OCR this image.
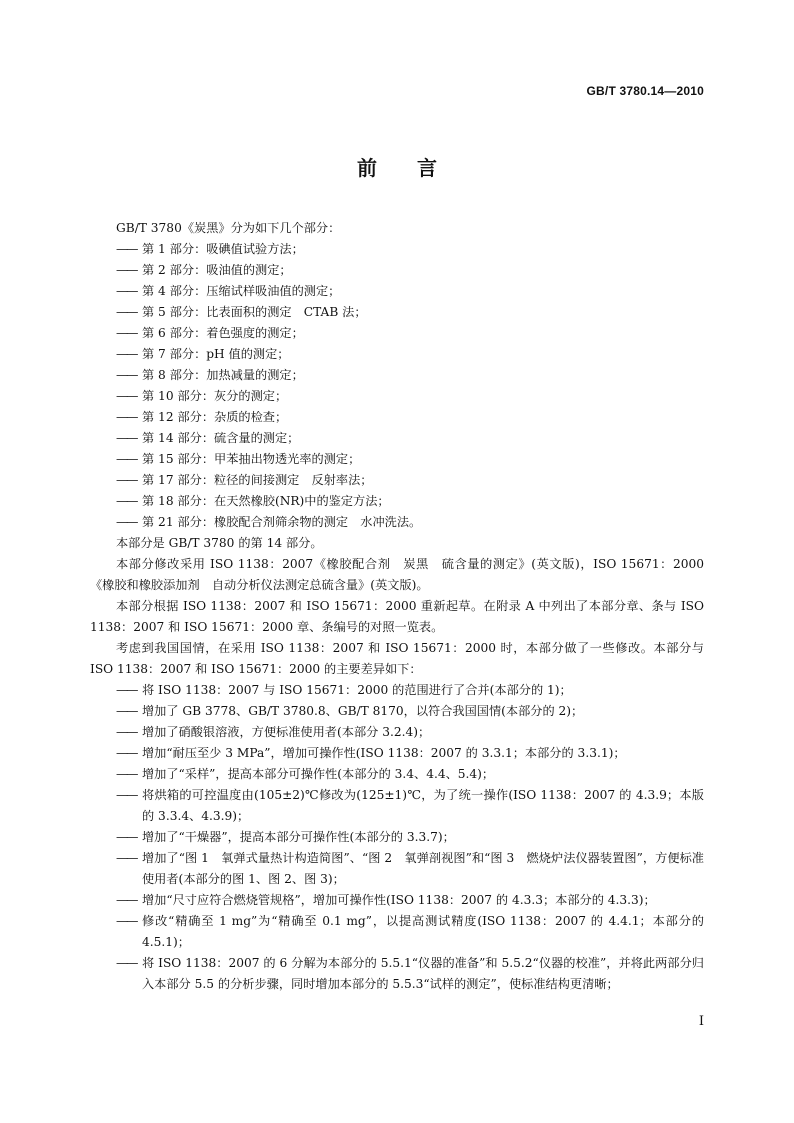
GB/T 3780.14—2010
前言
GB/T 3780《炭黑》分为如下几个部分：
—— 第 1 部分：吸碘值试验方法；
—— 第 2 部分：吸油值的测定；
—— 第 4 部分：压缩试样吸油值的测定；
—— 第 5 部分：比表面积的测定　CTAB 法；
—— 第 6 部分：着色强度的测定；
—— 第 7 部分：pH 值的测定；
—— 第 8 部分：加热减量的测定；
—— 第 10 部分：灰分的测定；
—— 第 12 部分：杂质的检查；
—— 第 14 部分：硫含量的测定；
—— 第 15 部分：甲苯抽出物透光率的测定；
—— 第 17 部分：粒径的间接测定　反射率法；
—— 第 18 部分：在天然橡胶(NR)中的鉴定方法；
—— 第 21 部分：橡胶配合剂筛余物的测定　水冲洗法。
本部分是 GB/T 3780 的第 14 部分。
本部分修改采用 ISO 1138：2007《橡胶配合剂　炭黑　硫含量的测定》(英文版)，ISO 15671：2000《橡胶和橡胶添加剂　自动分析仪法测定总硫含量》(英文版)。
本部分根据 ISO 1138：2007 和 ISO 15671：2000 重新起草。在附录 A 中列出了本部分章、条与 ISO 1138：2007 和 ISO 15671：2000 章、条编号的对照一览表。
考虑到我国国情，在采用 ISO 1138：2007 和 ISO 15671：2000 时，本部分做了一些修改。本部分与 ISO 1138：2007 和 ISO 15671：2000 的主要差异如下：
—— 将 ISO 1138：2007 与 ISO 15671：2000 的范围进行了合并(本部分的 1)；
—— 增加了 GB 3778、GB/T 3780.8、GB/T 8170，以符合我国国情(本部分的 2)；
—— 增加了硝酸银溶液，方便标准使用者(本部分 3.2.4)；
—— 增加“耐压至少 3 MPa”，增加可操作性(ISO 1138：2007 的 3.3.1；本部分的 3.3.1)；
—— 增加了“采样”，提高本部分可操作性(本部分的 3.4、4.4、5.4)；
—— 将烘箱的可控温度由(105±2)℃修改为(125±1)℃，为了统一操作(ISO 1138：2007 的 4.3.9；本版的 3.3.4、4.3.9)；
—— 增加了“干燥器”，提高本部分可操作性(本部分的 3.3.7)；
—— 增加了“图 1　氧弹式量热计构造简图”、“图 2　氧弹剖视图”和“图 3　燃烧炉法仪器装置图”，方便标准使用者(本部分的图 1、图 2、图 3)；
—— 增加“尺寸应符合燃烧管规格”，增加可操作性(ISO 1138：2007 的 4.3.3；本部分的 4.3.3)；
—— 修改“精确至 1 mg”为“精确至 0.1 mg”，以提高测试精度(ISO 1138：2007 的 4.4.1；本部分的 4.5.1)；
—— 将 ISO 1138：2007 的 6 分解为本部分的 5.5.1“仪器的准备”和 5.5.2“仪器的校准”，并将此两部分归入本部分 5.5 的分析步骤，同时增加本部分的 5.5.3“试样的测定”，使标准结构更清晰；
I
